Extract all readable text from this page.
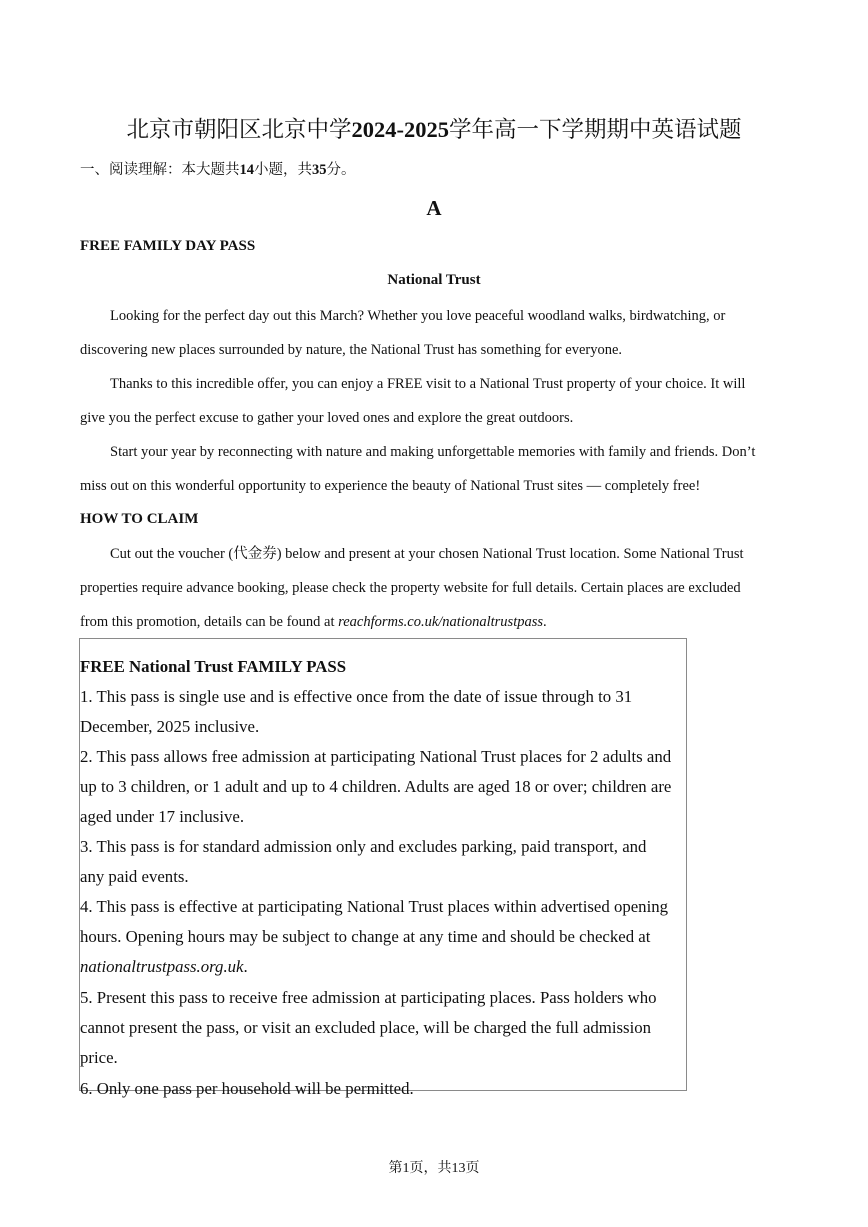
北京市朝阳区北京中学2024-2025学年高一下学期期中英语试题

一、阅读理解：本大题共14小题，共35分。

A

FREE FAMILY DAY PASS

National Trust

Looking for the perfect day out this March? Whether you love peaceful woodland walks, birdwatching, or

discovering new places surrounded by nature, the National Trust has something for everyone.

Thanks to this incredible offer, you can enjoy a FREE visit to a National Trust property of your choice. It will

give you the perfect excuse to gather your loved ones and explore the great outdoors.

Start your year by reconnecting with nature and making unforgettable memories with family and friends. Don’t

miss out on this wonderful opportunity to experience the beauty of National Trust sites — completely free!

HOW TO CLAIM

Cut out the voucher (代金券) below and present at your chosen National Trust location. Some National Trust

properties require advance booking, please check the property website for full details. Certain places are excluded

from this promotion, details can be found at reachforms.co.uk/nationaltrustpass.

FREE National Trust FAMILY PASS

1. This pass is single use and is effective once from the date of issue through to 31

December, 2025 inclusive.

2. This pass allows free admission at participating National Trust places for 2 adults and

up to 3 children, or 1 adult and up to 4 children. Adults are aged 18 or over; children are

aged under 17 inclusive.

3. This pass is for standard admission only and excludes parking, paid transport, and

any paid events.

4. This pass is effective at participating National Trust places within advertised opening

hours. Opening hours may be subject to change at any time and should be checked at

nationaltrustpass.org.uk.

5. Present this pass to receive free admission at participating places. Pass holders who

cannot present the pass, or visit an excluded place, will be charged the full admission

price.

6. Only one pass per household will be permitted.

第1页，共13页
